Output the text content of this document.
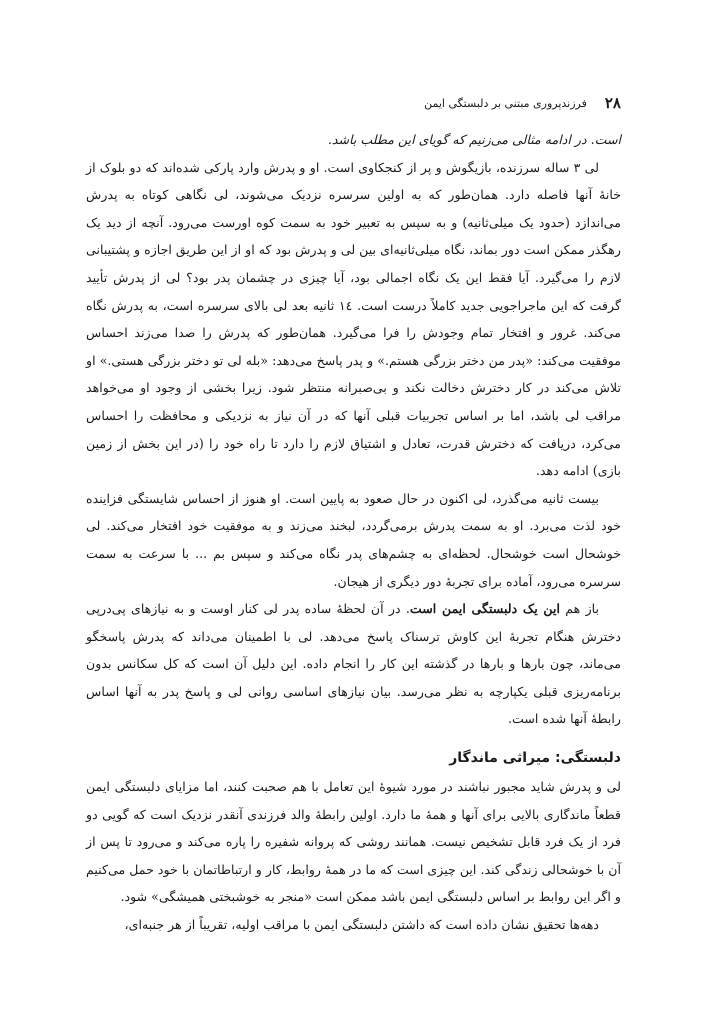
۲۸
فرزندپروری مبتنی بر دلبستگی ایمن

است. در ادامه مثالی می‌زنیم که گویای این مطلب باشد.

لی ۳ ساله سرزنده، بازیگوش و پر از کنجکاوی است. او و پدرش وارد پارکی شده‌اند که دو بلوک از خانهٔ آنها فاصله دارد. همان‌طور که به اولین سرسره نزدیک می‌شوند، لی نگاهی کوتاه به پدرش می‌اندازد (حدود یک میلی‌ثانیه) و به سپس به تعبیر خود به سمت کوه اورست می‌رود. آنچه از دید یک رهگذر ممکن است دور بماند، نگاه میلی‌ثانیه‌ای بین لی و پدرش بود که او از این طریق اجازه و پشتیبانی لازم را می‌گیرد. آیا فقط این یک نگاه اجمالی بود، آیا چیزی در چشمان پدر بود؟ لی از پدرش تأیید گرفت که این ماجراجویی جدید کاملاً درست است. ١٤ ثانیه بعد لی بالای سرسره است، به پدرش نگاه می‌کند. غرور و افتخار تمام وجودش را فرا می‌گیرد. همان‌طور که پدرش را صدا می‌زند احساس موفقیت می‌کند: «پدر من دختر بزرگی هستم.» و پدر پاسخ می‌دهد: «بله لی تو دختر بزرگی هستی.» او تلاش می‌کند در کار دخترش دخالت نکند و بی‌صبرانه منتظر شود. زیرا بخشی از وجود او می‌خواهد مراقب لی باشد، اما بر اساس تجربیات قبلی آنها که در آن نیاز به نزدیکی و محافظت را احساس می‌کرد، دریافت که دخترش قدرت، تعادل و اشتیاق لازم را دارد تا راه خود را (در این بخش از زمین بازی) ادامه دهد.

بیست ثانیه می‌گذرد، لی اکنون در حال صعود به پایین است. او هنوز از احساس شایستگی فزاینده خود لذت می‌برد. او به سمت پدرش برمی‌گردد، لبخند می‌زند و به موفقیت خود افتخار می‌کند. لی خوشحال است خوشحال. لحظه‌ای به چشم‌های پدر نگاه می‌کند و سپس بم ... با سرعت به سمت سرسره می‌رود، آماده برای تجربهٔ دور دیگری از هیجان.

باز هم این یک دلبستگی ایمن است. در آن لحظهٔ ساده پدر لی کنار اوست و به نیازهای پی‌درپی دخترش هنگام تجربهٔ این کاوش ترسناک پاسخ می‌دهد. لی با اطمینان می‌داند که پدرش پاسخگو می‌ماند، چون بارها و بارها در گذشته این کار را انجام داده. این دلیل آن است که کل سکانس بدون برنامه‌ریزی قبلی یکپارچه به نظر می‌رسد. بیان نیازهای اساسی روانی لی و پاسخ پدر به آنها اساس رابطهٔ آنها شده است.

دلبستگی: میراثی ماندگار

لی و پدرش شاید مجبور نباشند در مورد شیوهٔ این تعامل با هم صحبت کنند، اما مزایای دلبستگی ایمن قطعاً ماندگاری بالایی برای آنها و همهٔ ما دارد. اولین رابطهٔ والد فرزندی آنقدر نزدیک است که گویی دو فرد از یک فرد قابل تشخیص نیست. همانند روشی که پروانه شفیره را پاره می‌کند و می‌رود تا پس از آن با خوشحالی زندگی کند. این چیزی است که ما در همهٔ روابط، کار و ارتباطاتمان با خود حمل می‌کنیم و اگر این روابط بر اساس دلبستگی ایمن باشد ممکن است «منجر به خوشبختی همیشگی» شود.

دهه‌ها تحقیق نشان داده است که داشتن دلبستگی ایمن با مراقب اولیه، تقریباً از هر جنبه‌ای،
